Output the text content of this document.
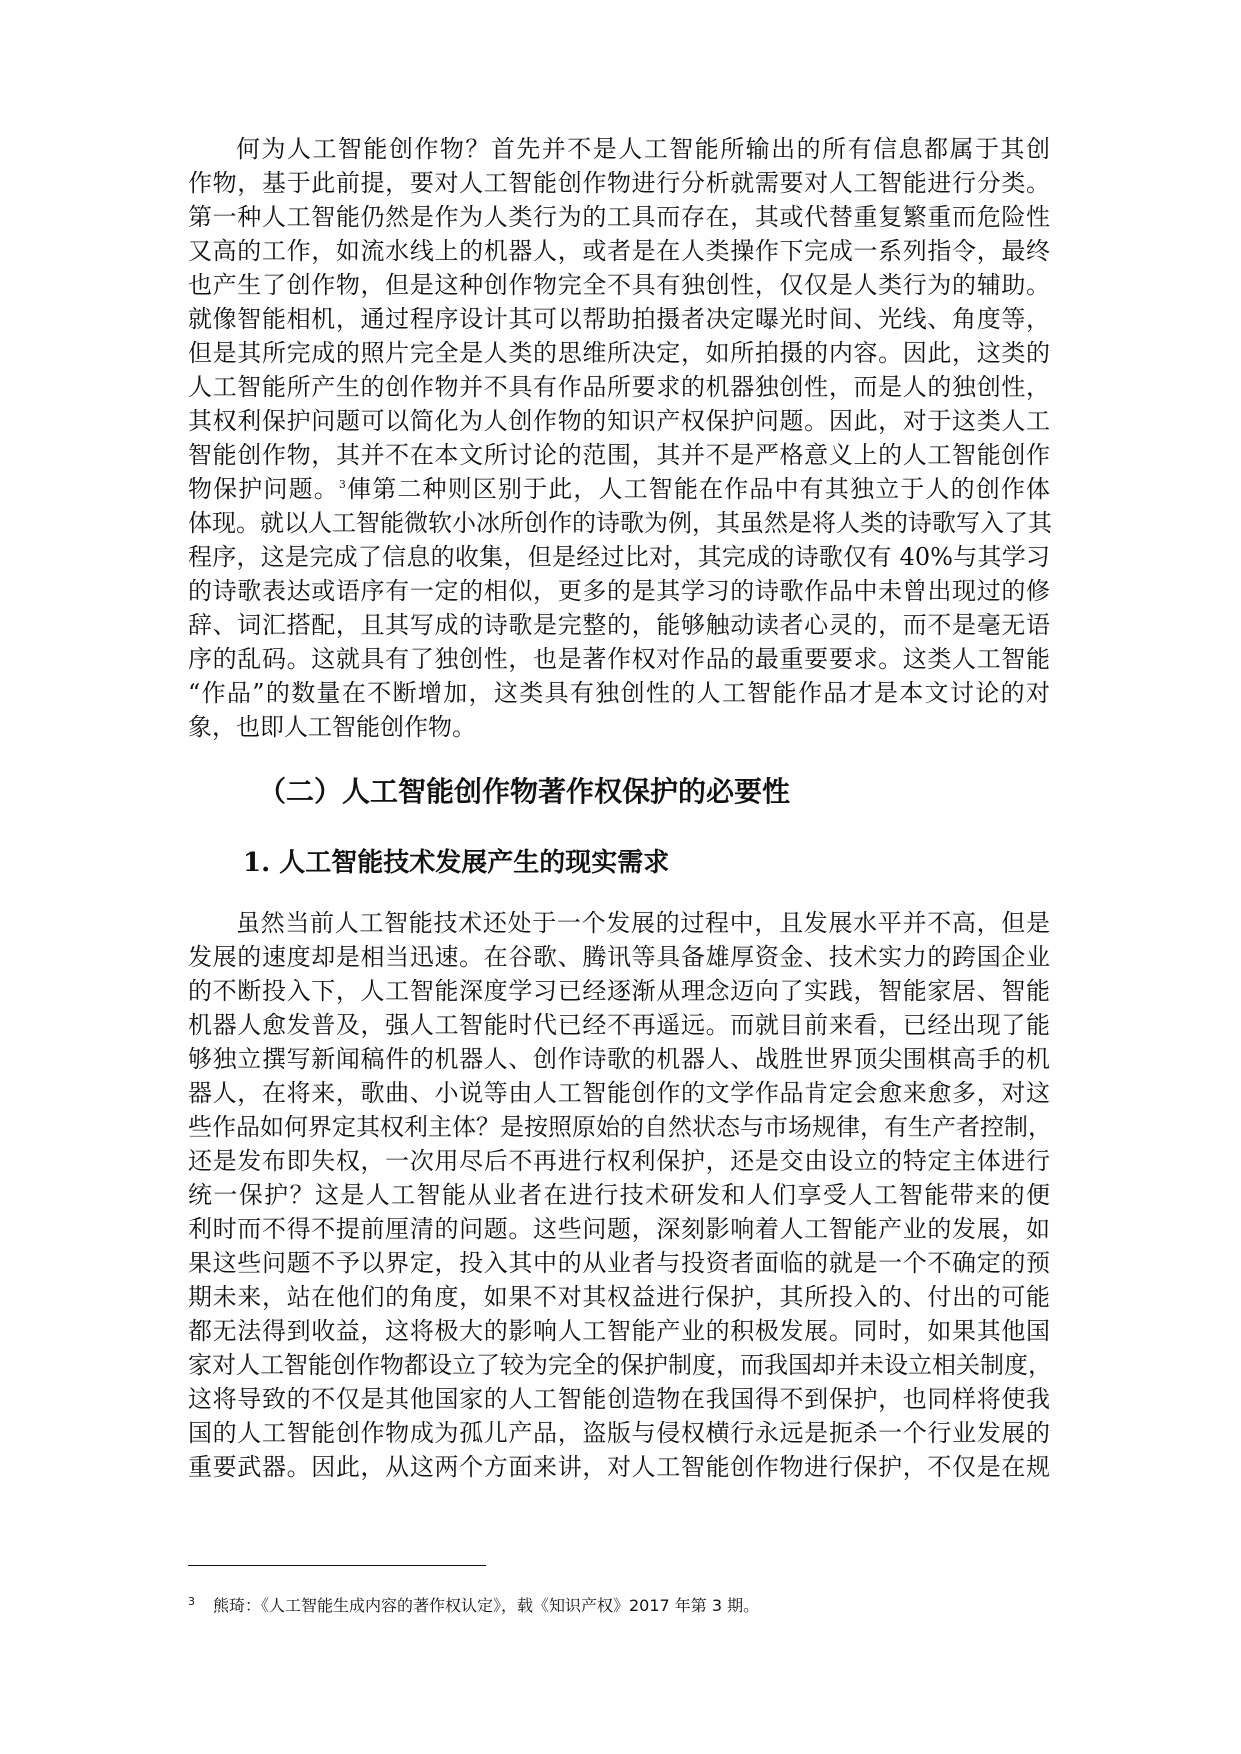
何为人工智能创作物？首先并不是人工智能所输出的所有信息都属于其创
作物，基于此前提，要对人工智能创作物进行分析就需要对人工智能进行分类。
第一种人工智能仍然是作为人类行为的工具而存在，其或代替重复繁重而危险性
又高的工作，如流水线上的机器人，或者是在人类操作下完成一系列指令，最终
也产生了创作物，但是这种创作物完全不具有独创性，仅仅是人类行为的辅助。
就像智能相机，通过程序设计其可以帮助拍摄者决定曝光时间、光线、角度等，
但是其所完成的照片完全是人类的思维所决定，如所拍摄的内容。因此，这类的
人工智能所产生的创作物并不具有作品所要求的机器独创性，而是人的独创性，
其权利保护问题可以简化为人创作物的知识产权保护问题。因此，对于这类人工
智能创作物，其并不在本文所讨论的范围，其并不是严格意义上的人工智能创作
物保护问题。$^3$俥第二种则区别于此，人工智能在作品中有其独立于人的创作体
体现。就以人工智能微软小冰所创作的诗歌为例，其虽然是将人类的诗歌写入了其
程序，这是完成了信息的收集，但是经过比对，其完成的诗歌仅有 40%与其学习
的诗歌表达或语序有一定的相似，更多的是其学习的诗歌作品中未曾出现过的修
辞、词汇搭配，且其写成的诗歌是完整的，能够触动读者心灵的，而不是毫无语
序的乱码。这就具有了独创性，也是著作权对作品的最重要要求。这类人工智能
“作品”的数量在不断增加，这类具有独创性的人工智能作品才是本文讨论的对
象，也即人工智能创作物。
（二）人工智能创作物著作权保护的必要性
1. 人工智能技术发展产生的现实需求
虽然当前人工智能技术还处于一个发展的过程中，且发展水平并不高，但是
发展的速度却是相当迅速。在谷歌、腾讯等具备雄厚资金、技术实力的跨国企业
的不断投入下，人工智能深度学习已经逐渐从理念迈向了实践，智能家居、智能
机器人愈发普及，强人工智能时代已经不再遥远。而就目前来看，已经出现了能
够独立撰写新闻稿件的机器人、创作诗歌的机器人、战胜世界顶尖围棋高手的机
器人，在将来，歌曲、小说等由人工智能创作的文学作品肯定会愈来愈多，对这
些作品如何界定其权利主体？是按照原始的自然状态与市场规律，有生产者控制，
还是发布即失权，一次用尽后不再进行权利保护，还是交由设立的特定主体进行
统一保护？这是人工智能从业者在进行技术研发和人们享受人工智能带来的便
利时而不得不提前厘清的问题。这些问题，深刻影响着人工智能产业的发展，如
果这些问题不予以界定，投入其中的从业者与投资者面临的就是一个不确定的预
期未来，站在他们的角度，如果不对其权益进行保护，其所投入的、付出的可能
都无法得到收益，这将极大的影响人工智能产业的积极发展。同时，如果其他国
家对人工智能创作物都设立了较为完全的保护制度，而我国却并未设立相关制度，
这将导致的不仅是其他国家的人工智能创造物在我国得不到保护，也同样将使我
国的人工智能创作物成为孤儿产品，盗版与侵权横行永远是扼杀一个行业发展的
重要武器。因此，从这两个方面来讲，对人工智能创作物进行保护，不仅是在规
$^3$ 熊琦：《人工智能生成内容的著作权认定》，载《知识产权》2017 年第 3 期。
